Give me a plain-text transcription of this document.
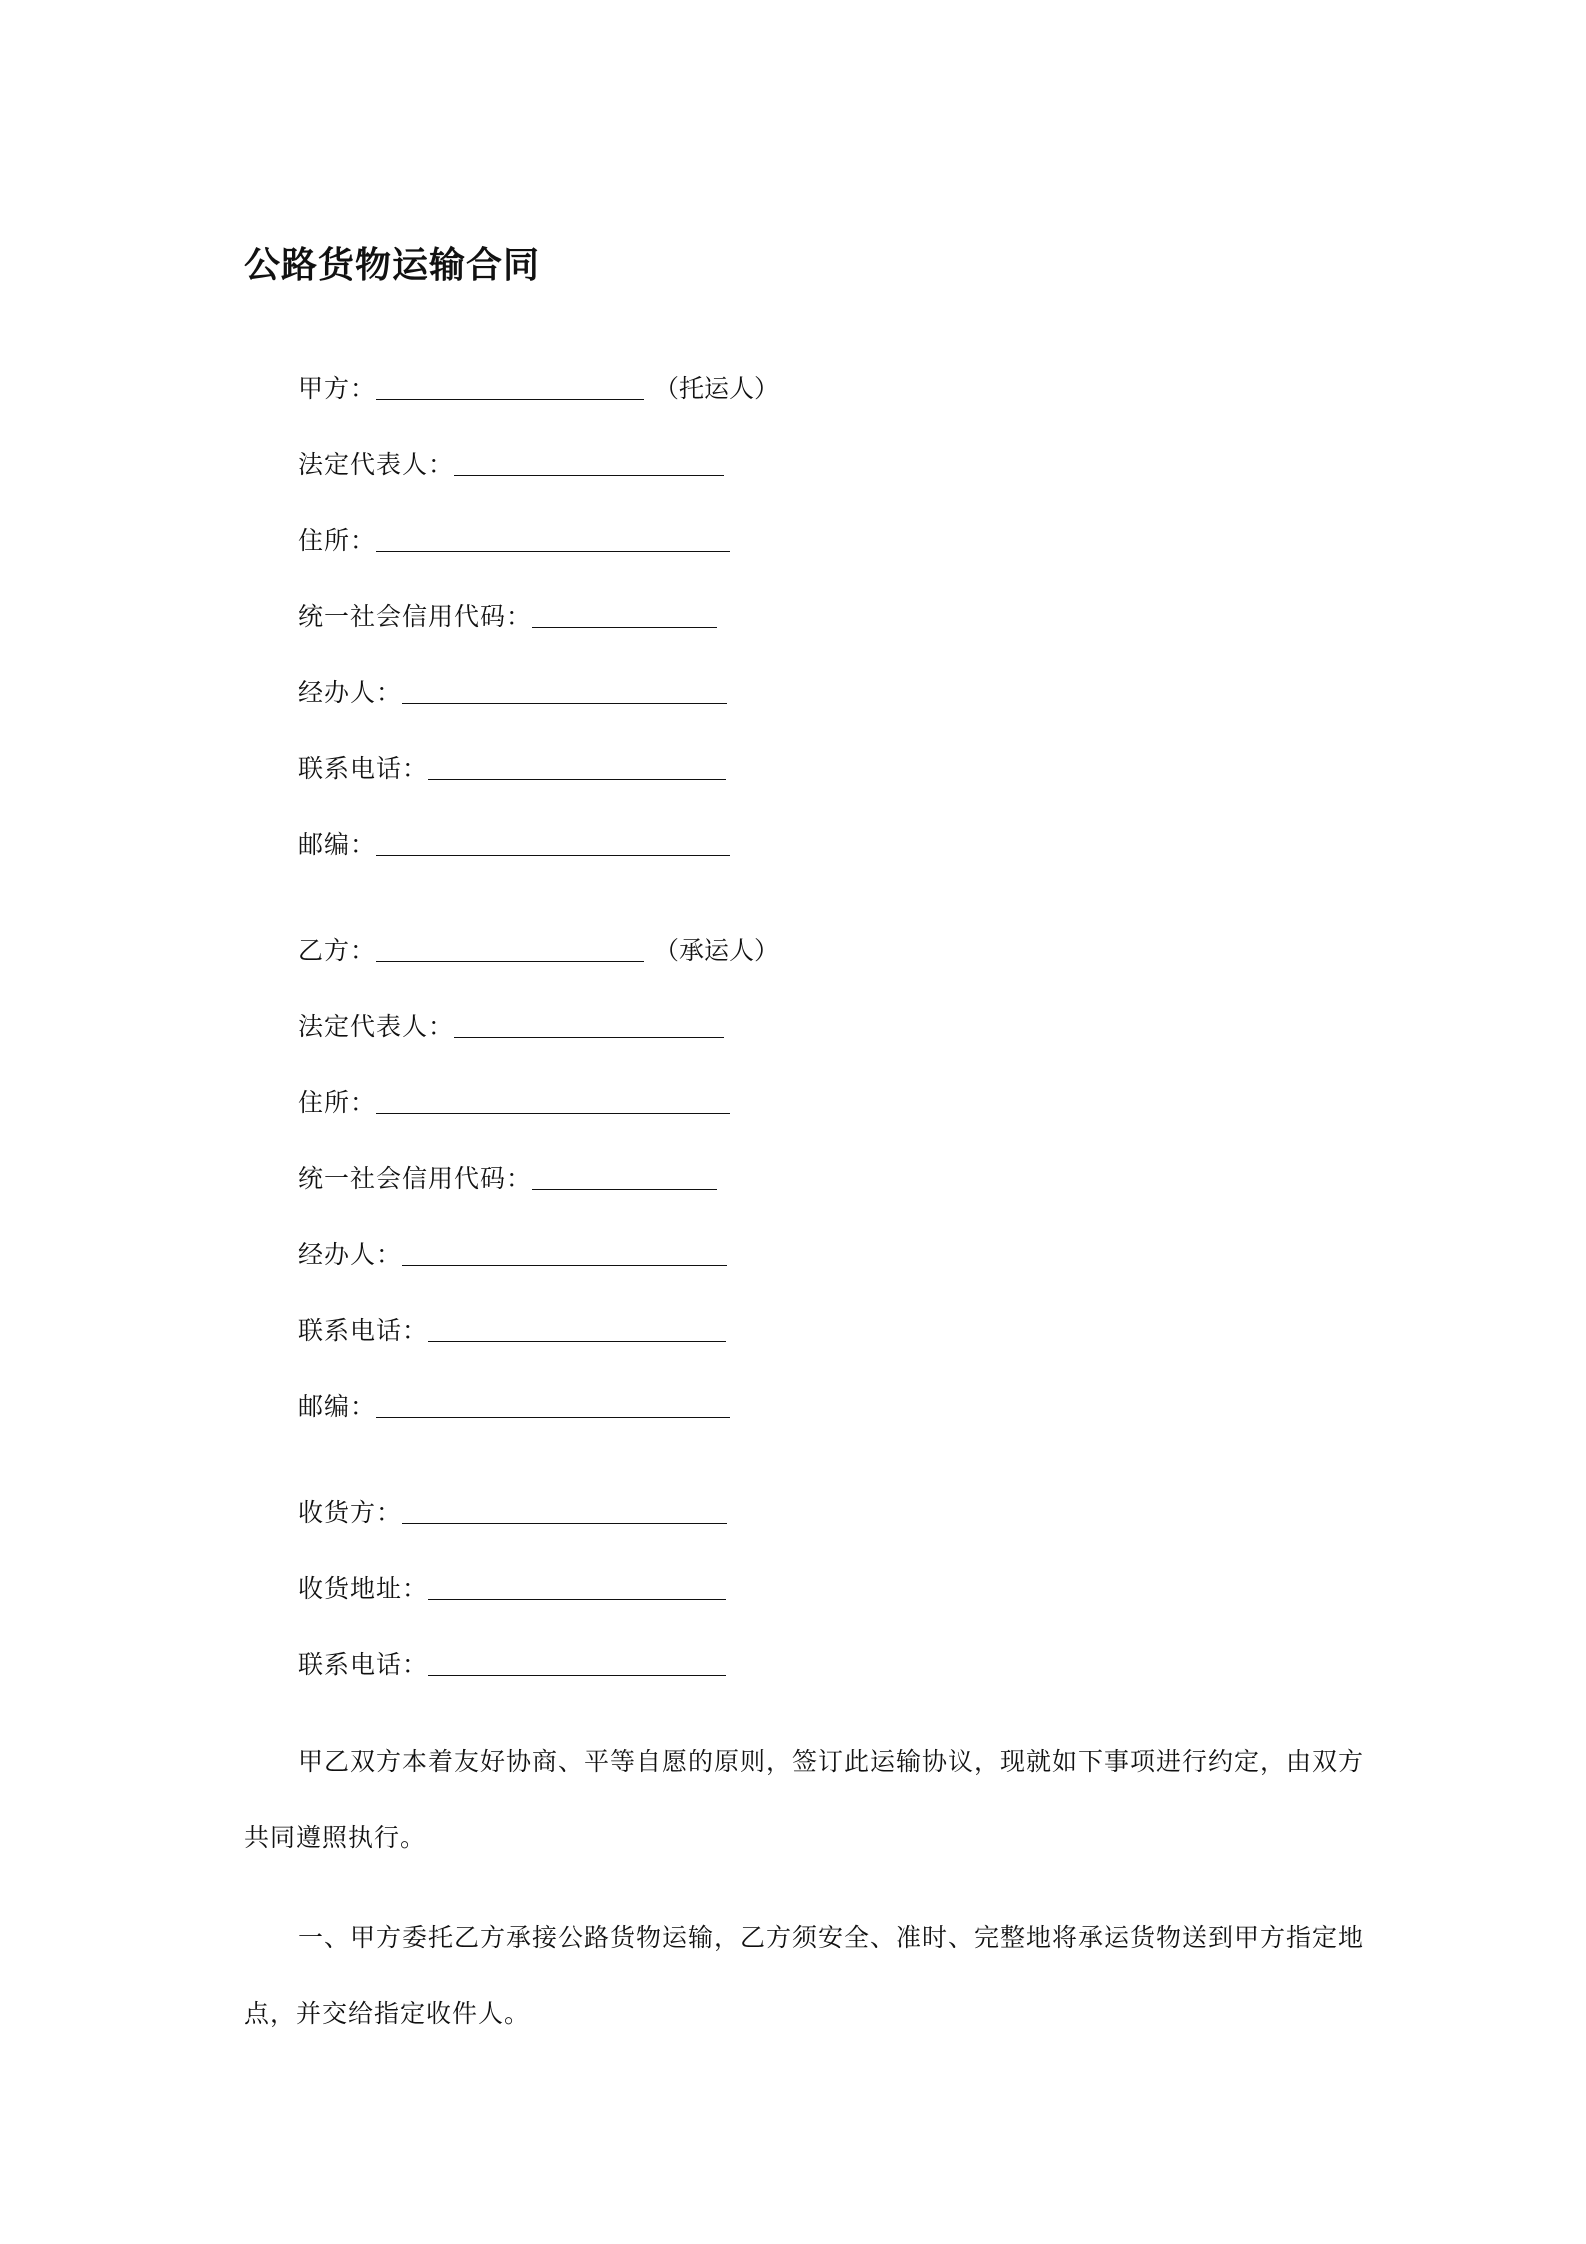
公路货物运输合同
甲方：	（托运人）
法定代表人：
住所：
统一社会信用代码：
经办人：
联系电话：
邮编：
乙方：	（承运人）
法定代表人：
住所：
统一社会信用代码：
经办人：
联系电话：
邮编：
收货方：
收货地址：
联系电话：

甲乙双方本着友好协商、平等自愿的原则，签订此运输协议，现就如下事项进行约定，由双方共同遵照执行。

一、甲方委托乙方承接公路货物运输，乙方须安全、准时、完整地将承运货物送到甲方指定地点，并交给指定收件人。
